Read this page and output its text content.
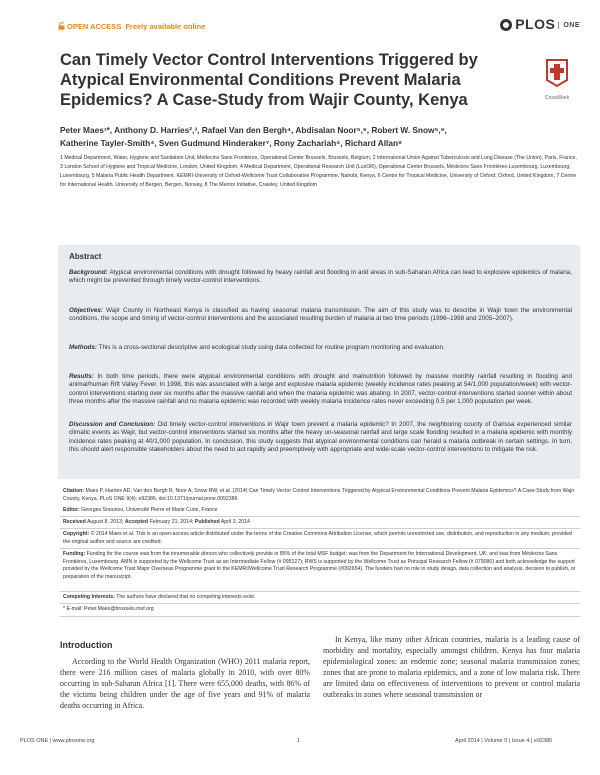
OPEN ACCESS Freely available online	PLOS ONE
Can Timely Vector Control Interventions Triggered by Atypical Environmental Conditions Prevent Malaria Epidemics? A Case-Study from Wajir County, Kenya	CrossMark
Peter Maes¹*, Anthony D. Harries²,³, Rafael Van den Bergh⁴, Abdisalan Noor⁵,⁶, Robert W. Snow⁵,⁶,
Katherine Tayler-Smith⁴, Sven Gudmund Hinderaker⁷, Rony Zachariah⁴, Richard Allan⁸
1 Medical Department, Water, Hygiene and Sanitation Unit, Médecins Sans Frontières, Operational Center Brussels, Brussels, Belgium, 2 International Union Against Tuberculosis and Lung Disease (The Union), Paris, France, 3 London School of Hygiene and Tropical Medicine, London, United Kingdom, 4 Medical Department, Operational Research Unit (LuxOR), Operational Center Brussels, Médecins Sans Frontières-Luxembourg, Luxembourg, Luxembourg, 5 Malaria Public Health Department, KEMRI-University of Oxford-Wellcome Trust Collaborative Programme, Nairobi, Kenya, 6 Centre for Tropical Medicine, University of Oxford, Oxford, United Kingdom, 7 Centre for International Health, University of Bergen, Bergen, Norway, 8 The Mentor Initiative, Crawley, United Kingdom
Abstract
Background: Atypical environmental conditions with drought followed by heavy rainfall and flooding in arid areas in sub-Saharan Africa can lead to explosive epidemics of malaria, which might be prevented through timely vector-control interventions.
Objectives: Wajir County in Northeast Kenya is classified as having seasonal malaria transmission. The aim of this study was to describe in Wajir town the environmental conditions, the scope and timing of vector-control interventions and the associated resulting burden of malaria at two time periods (1996–1998 and 2005–2007).
Methods: This is a cross-sectional descriptive and ecological study using data collected for routine program monitoring and evaluation.
Results: In both time periods, there were atypical environmental conditions with drought and malnutrition followed by massive monthly rainfall resulting in flooding and animal/human Rift Valley Fever. In 1998, this was associated with a large and explosive malaria epidemic (weekly incidence rates peaking at 54/1,000 population/week) with vector-control interventions starting over six months after the massive rainfall and when the malaria epidemic was abating. In 2007, vector-control interventions started sooner within about three months after the massive rainfall and no malaria epidemic was recorded with weekly malaria incidence rates never exceeding 0.5 per 1,000 population per week.
Discussion and Conclusion: Did timely vector-control interventions in Wajir town prevent a malaria epidemic? In 2007, the neighboring county of Garissa experienced similar climatic events as Wajir, but vector-control interventions started six months after the heavy un-seasonal rainfall and large scale flooding resulted in a malaria epidemic with monthly incidence rates peaking at 40/1,000 population. In conclusion, this study suggests that atypical environmental conditions can herald a malaria outbreak in certain settings. In turn, this should alert responsible stakeholders about the need to act rapidly and preemptively with appropriate and wide-scale vector-control interventions to mitigate the risk.
Citation: Maes P, Harries AD, Van den Bergh R, Noor A, Snow RW, et al. (2014) Can Timely Vector Control Interventions Triggered by Atypical Environmental Conditions Prevent Malaria Epidemics? A Case-Study from Wajir County, Kenya. PLoS ONE 9(4): e92386. doi:10.1371/journal.pone.0092386
Editor: Georges Snounou, Université Pierre et Marie Curie, France
Received August 8, 2013; Accepted February 21, 2014; Published April 3, 2014
Copyright: © 2014 Maes et al. This is an open-access article distributed under the terms of the Creative Commons Attribution License, which permits unrestricted use, distribution, and reproduction in any medium, provided the original author and source are credited.
Funding: Funding for the course was from the innumerable donors who collectively provide in 85% of the total MSF budget; was from the Department for International Development, UK; and was from Médecins Sans Frontières, Luxembourg. AMN is supported by the Wellcome Trust as an Intermediate Fellow (# 095127); RWS is supported by the Wellcome Trust as Principal Research Fellow (# 079080) and both acknowledge the support provided by the Wellcome Trust Major Overseas Programme grant to the KEMRI/Wellcome Trust Research Programme (#092654). The funders had no role in study design, data collection and analysis, decision to publish, or preparation of the manuscript.
Competing Interests: The authors have declared that no competing interests exist.
* E-mail: Peter.Maes@brussels.msf.org
Introduction
According to the World Health Organization (WHO) 2011 malaria report, there were 216 million cases of malaria globally in 2010, with over 80% occurring in sub-Saharan Africa [1]. There were 655,000 deaths, with 86% of the victims being children under the age of five years and 91% of malaria deaths occurring in Africa.
In Kenya, like many other African countries, malaria is a leading cause of morbidity and mortality, especially amongst children. Kenya has four malaria epidemiological zones: an endemic zone; seasonal malaria transmission zones; zones that are prone to malaria epidemics, and a zone of low malaria risk. There are limited data on effectiveness of interventions to prevent or control malaria outbreaks in zones where seasonal transmission or
PLOS ONE | www.plosone.org	1	April 2014 | Volume 9 | Issue 4 | e92386
